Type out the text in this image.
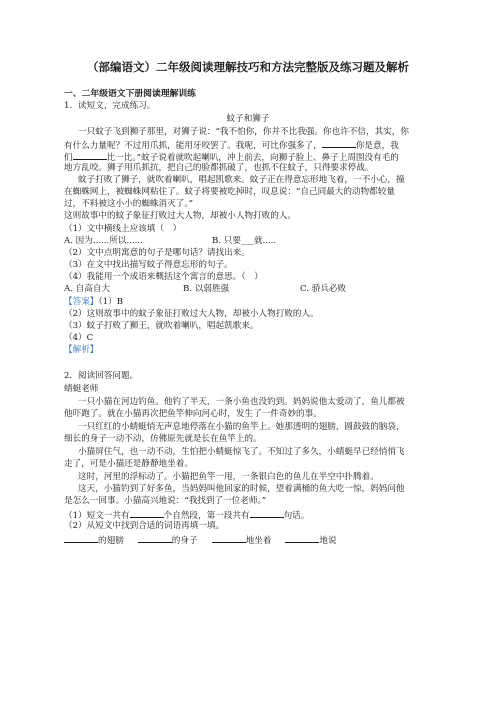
（部编语文）二年级阅读理解技巧和方法完整版及练习题及解析
一、二年级语文下册阅读理解训练
1．读短文，完成练习。
蚊子和狮子
一只蚊子飞到狮子那里，对狮子说：“我不怕你，你并不比我强。你也许不信，其实，你
有什么力量呢？不过用爪抓，能用牙咬罢了。我呢，可比你强多了，	你是意，我
们	比一比。”蚊子说着就吹起喇叭，冲上前去，向狮子脸上、鼻子上周围没有毛的
地方乱咬。狮子用爪抓抗，把自己的脸都抓破了，也抓不住蚊子，只得要求停战。
蚊子打败了狮子，就吹着喇叭，唱起凯歌来。蚊子正在得意忘形地飞着，一不小心，撞
在蜘蛛网上，被蜘蛛网粘住了。蚊子将要被吃掉时，叹息说：“自己同最大的动物都较量
过，不料被这小小的蜘蛛消灭了。”
这则故事中的蚊子象征打败过大人物，却被小人物打败的人。
（1）文中横线上应该填（　）
A. 因为......所以......	B. 只要___就.....
（2）文中点明寓意的句子是哪句话？请找出来。
（3）在文中找出描写蚊子得意忘形的句子。
（4）我能用一个成语来概括这个寓言的意思。（　）
A. 自高自大	B. 以弱胜强	C. 骄兵必败
【答案】（1）B
（2）这则故事中的蚊子象征打败过大人物，却被小人物打败的人。
（3）蚊子打败了狮王，就吹着喇叭，唱起凯歌来。
（4）C
【解析】
2．阅读回答问题。
蜻蜓老师
一只小猫在河边钓鱼。他钓了半天，一条小鱼也没钓到。妈妈说他太爱动了，鱼儿都被
他吓跑了。就在小猫再次把鱼竿伸向河心时，发生了一件奇妙的事。
一只红红的小蜻蜓悄无声息地停落在小猫的鱼竿上。她那透明的翅膀，圆鼓鼓的脑袋，
细长的身子一动不动，仿佛原先就是长在鱼竿上的。
小猫屏住气，也一动不动，生怕把小蜻蜓惊飞了。不知过了多久，小蜻蜓早已经悄悄飞
走了，可是小猫还是静静地坐着。
这时，河里的浮标动了。小猫把鱼竿一甩，一条银白色的鱼儿在半空中扑腾着。
这天，小猫钓到了好多鱼，当妈妈叫他回家的时候，望着满桶的鱼大吃一惊，妈妈问他
是怎么一回事。小猫高兴地说：“我找到了一位老师。”
（1）短文一共有	个自然段，第一段共有	句话。
（2）从短文中找到合适的词语再填一填。
的翅膀	的身子	地坐着	地说
